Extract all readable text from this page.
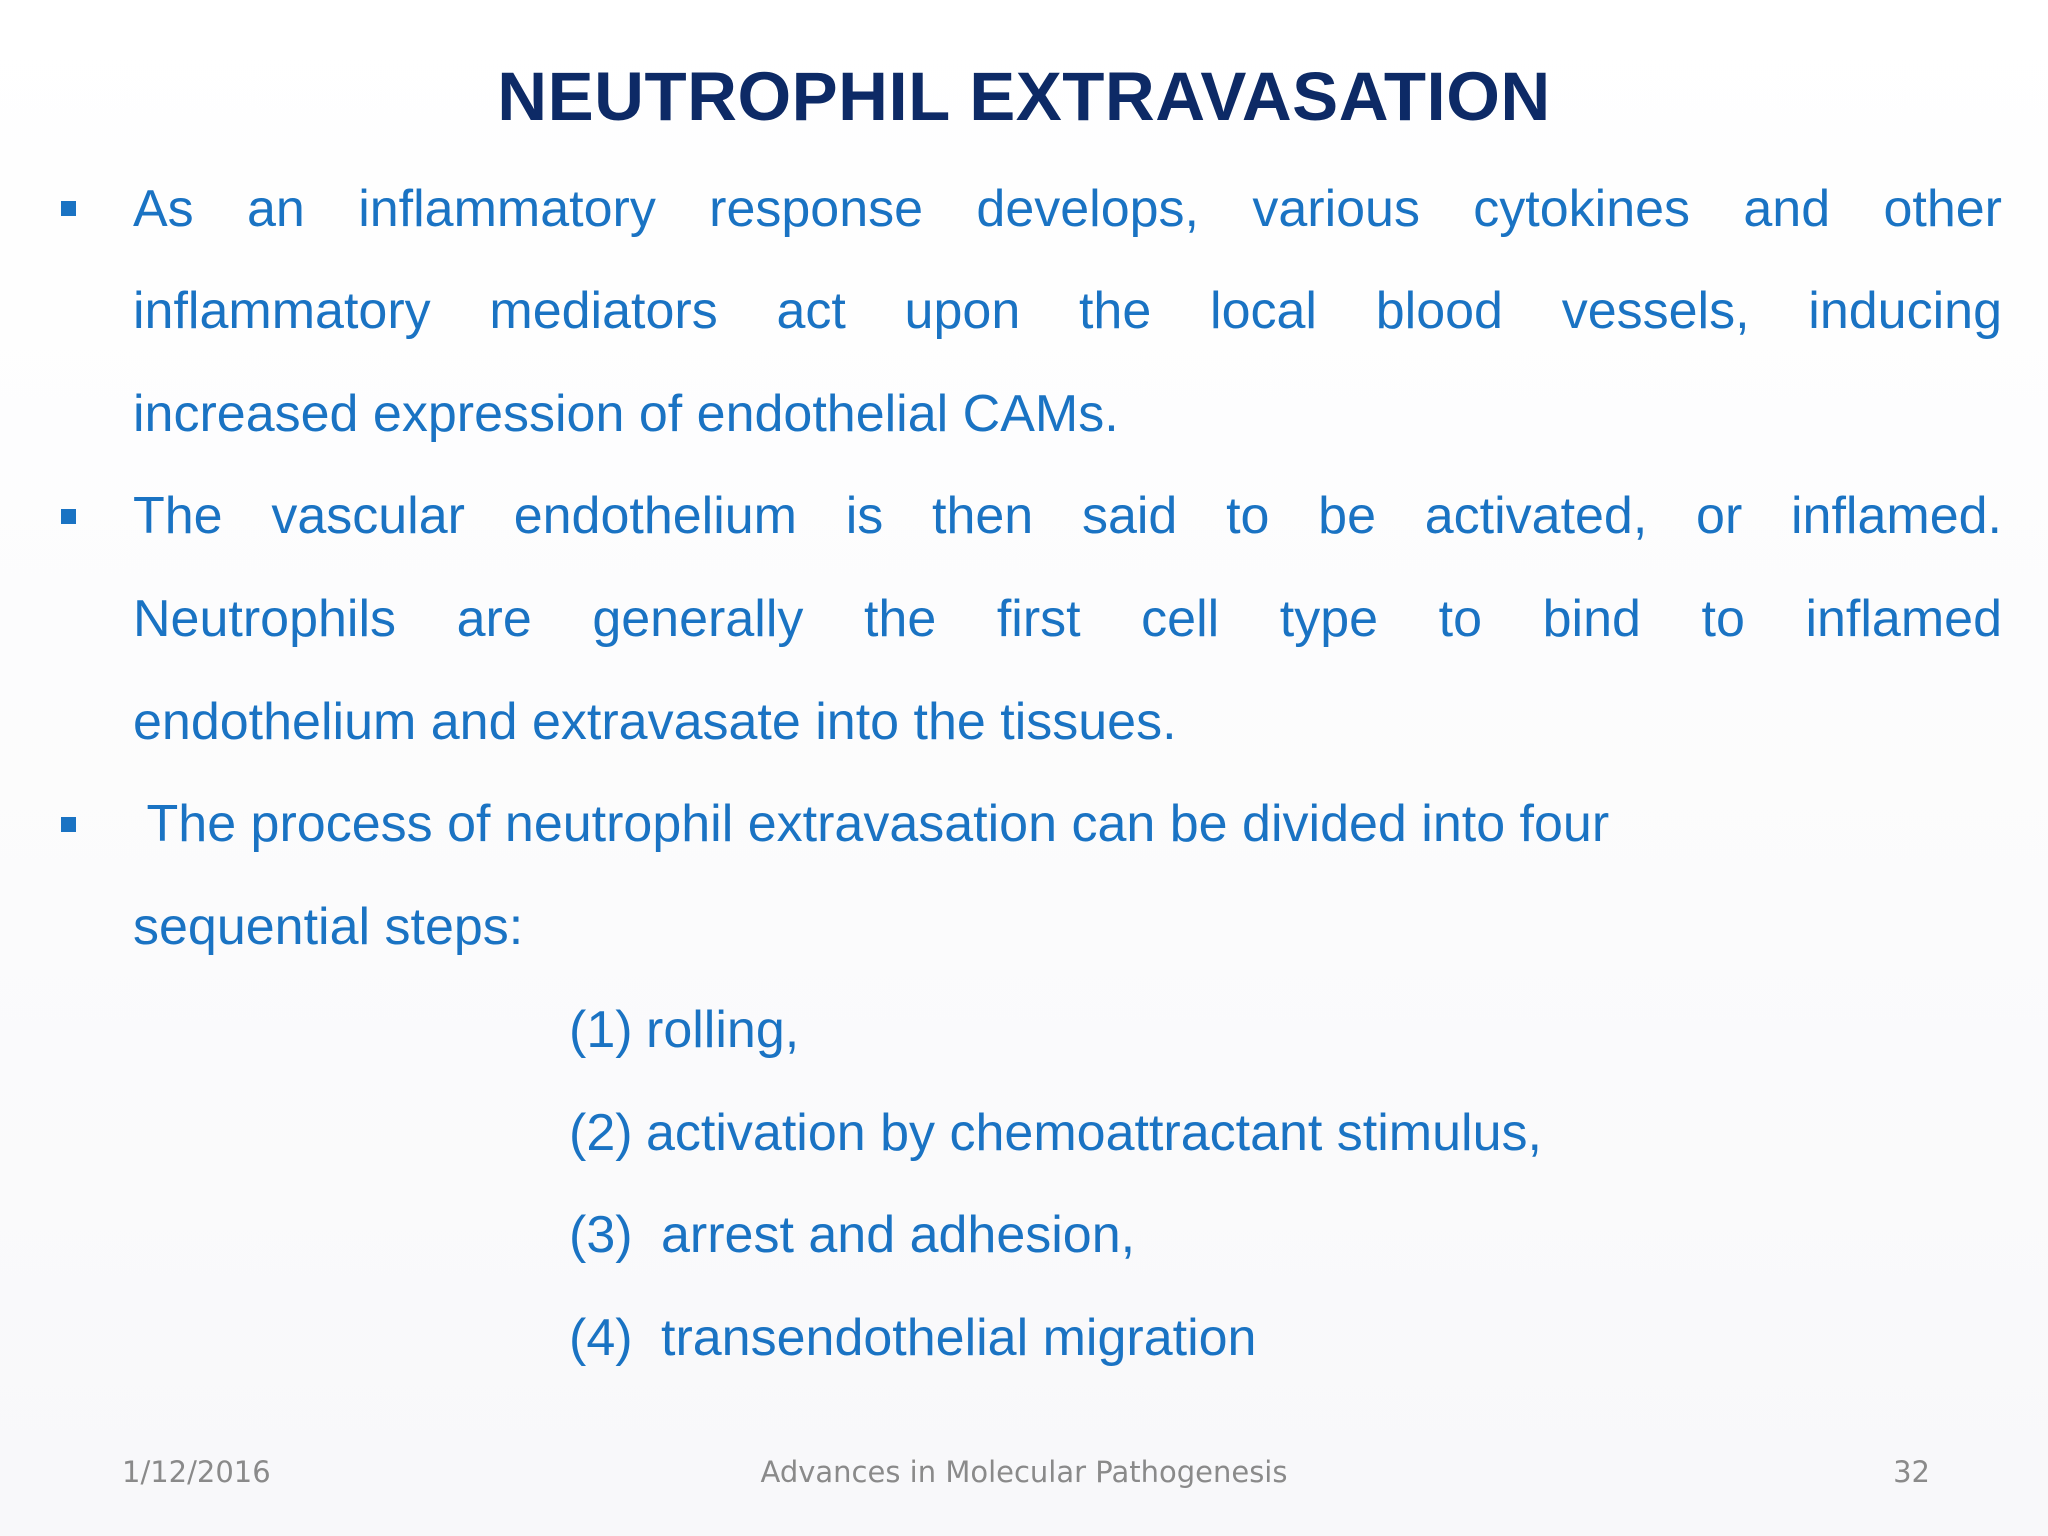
NEUTROPHIL EXTRAVASATION
As an inflammatory response develops, various cytokines and other
inflammatory mediators act upon the local blood vessels, inducing
increased expression of endothelial CAMs.
The vascular endothelium is then said to be activated, or inflamed.
Neutrophils are generally the first cell type to bind to inflamed
endothelium and extravasate into the tissues.
The process of neutrophil extravasation can be divided into four
sequential steps:
(1) rolling,
(2) activation by chemoattractant stimulus,
(3) arrest and adhesion,
(4) transendothelial migration
1/12/2016	Advances in Molecular Pathogenesis	32
